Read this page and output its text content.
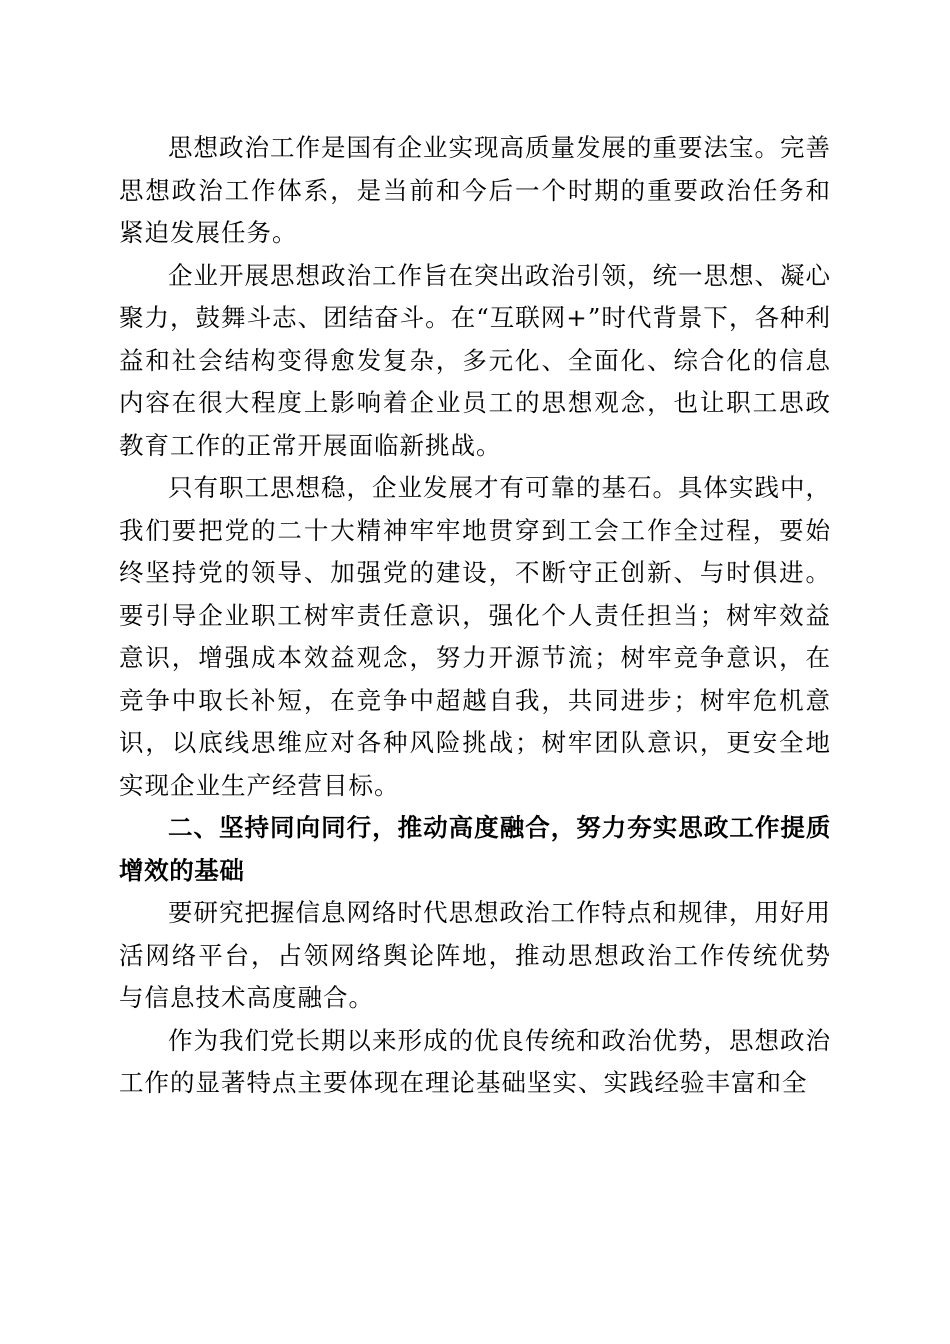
思想政治工作是国有企业实现高质量发展的重要法宝。完善思想政治工作体系，是当前和今后一个时期的重要政治任务和紧迫发展任务。

企业开展思想政治工作旨在突出政治引领，统一思想、凝心聚力，鼓舞斗志、团结奋斗。在“互联网+”时代背景下，各种利益和社会结构变得愈发复杂，多元化、全面化、综合化的信息内容在很大程度上影响着企业员工的思想观念，也让职工思政教育工作的正常开展面临新挑战。

只有职工思想稳，企业发展才有可靠的基石。具体实践中，我们要把党的二十大精神牢牢地贯穿到工会工作全过程，要始终坚持党的领导、加强党的建设，不断守正创新、与时俱进。要引导企业职工树牢责任意识，强化个人责任担当；树牢效益意识，增强成本效益观念，努力开源节流；树牢竞争意识，在竞争中取长补短，在竞争中超越自我，共同进步；树牢危机意识，以底线思维应对各种风险挑战；树牢团队意识，更安全地实现企业生产经营目标。

二、坚持同向同行，推动高度融合，努力夯实思政工作提质增效的基础

要研究把握信息网络时代思想政治工作特点和规律，用好用活网络平台，占领网络舆论阵地，推动思想政治工作传统优势与信息技术高度融合。

作为我们党长期以来形成的优良传统和政治优势，思想政治工作的显著特点主要体现在理论基础坚实、实践经验丰富和全
